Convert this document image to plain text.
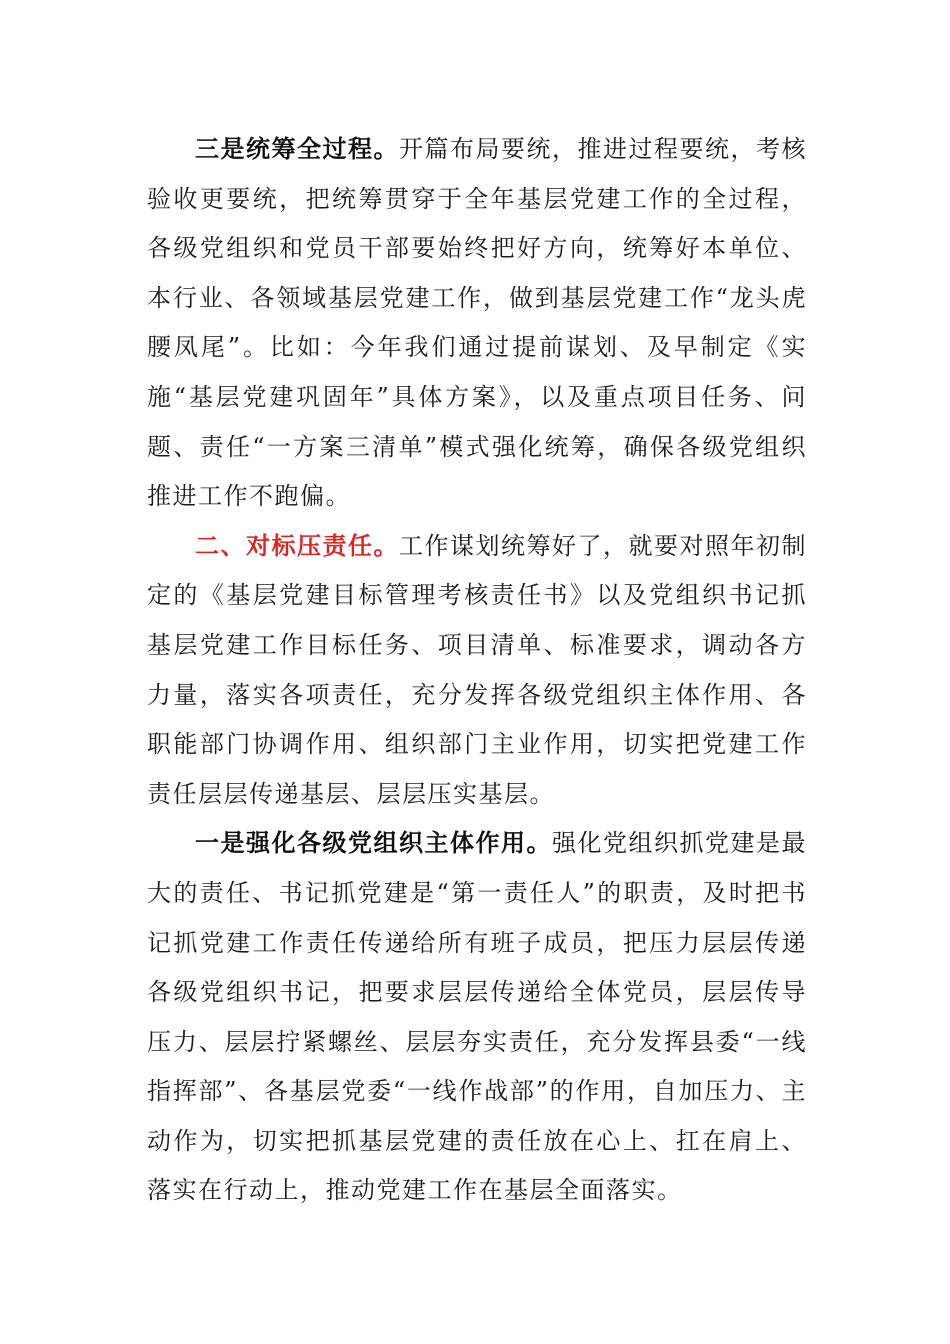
三是统筹全过程。开篇布局要统，推进过程要统，考核验收更要统，把统筹贯穿于全年基层党建工作的全过程，各级党组织和党员干部要始终把好方向，统筹好本单位、本行业、各领域基层党建工作，做到基层党建工作“龙头虎腰凤尾”。比如：今年我们通过提前谋划、及早制定《实施“基层党建巩固年”具体方案》，以及重点项目任务、问题、责任“一方案三清单”模式强化统筹，确保各级党组织推进工作不跑偏。

二、对标压责任。工作谋划统筹好了，就要对照年初制定的《基层党建目标管理考核责任书》以及党组织书记抓基层党建工作目标任务、项目清单、标准要求，调动各方力量，落实各项责任，充分发挥各级党组织主体作用、各职能部门协调作用、组织部门主业作用，切实把党建工作责任层层传递基层、层层压实基层。

一是强化各级党组织主体作用。强化党组织抓党建是最大的责任、书记抓党建是“第一责任人”的职责，及时把书记抓党建工作责任传递给所有班子成员，把压力层层传递各级党组织书记，把要求层层传递给全体党员，层层传导压力、层层拧紧螺丝、层层夯实责任，充分发挥县委“一线指挥部”、各基层党委“一线作战部”的作用，自加压力、主动作为，切实把抓基层党建的责任放在心上、扛在肩上、落实在行动上，推动党建工作在基层全面落实。
